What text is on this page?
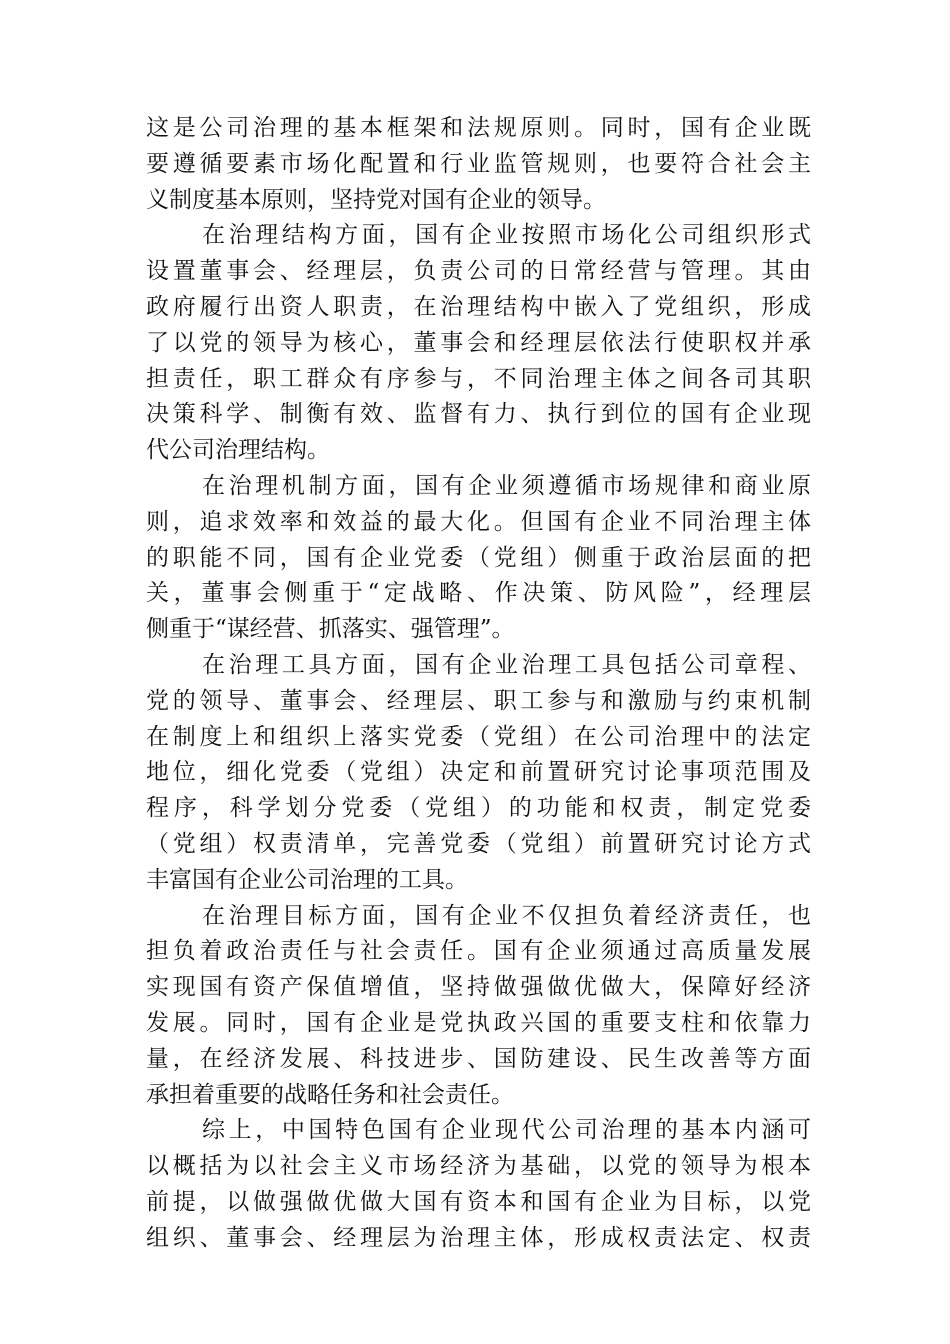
这是公司治理的基本框架和法规原则。同时，国有企业既
要遵循要素市场化配置和行业监管规则，也要符合社会主
义制度基本原则，坚持党对国有企业的领导。
在治理结构方面，国有企业按照市场化公司组织形式
设置董事会、经理层，负责公司的日常经营与管理。其由
政府履行出资人职责，在治理结构中嵌入了党组织，形成
了以党的领导为核心，董事会和经理层依法行使职权并承
担责任，职工群众有序参与，不同治理主体之间各司其职
决策科学、制衡有效、监督有力、执行到位的国有企业现
代公司治理结构。
在治理机制方面，国有企业须遵循市场规律和商业原
则，追求效率和效益的最大化。但国有企业不同治理主体
的职能不同，国有企业党委（党组）侧重于政治层面的把
关，董事会侧重于“定战略、作决策、防风险”，经理层
侧重于“谋经营、抓落实、强管理”。
在治理工具方面，国有企业治理工具包括公司章程、
党的领导、董事会、经理层、职工参与和激励与约束机制
在制度上和组织上落实党委（党组）在公司治理中的法定
地位，细化党委（党组）决定和前置研究讨论事项范围及
程序，科学划分党委（党组）的功能和权责，制定党委
（党组）权责清单，完善党委（党组）前置研究讨论方式
丰富国有企业公司治理的工具。
在治理目标方面，国有企业不仅担负着经济责任，也
担负着政治责任与社会责任。国有企业须通过高质量发展
实现国有资产保值增值，坚持做强做优做大，保障好经济
发展。同时，国有企业是党执政兴国的重要支柱和依靠力
量，在经济发展、科技进步、国防建设、民生改善等方面
承担着重要的战略任务和社会责任。
综上，中国特色国有企业现代公司治理的基本内涵可
以概括为以社会主义市场经济为基础，以党的领导为根本
前提，以做强做优做大国有资本和国有企业为目标，以党
组织、董事会、经理层为治理主体，形成权责法定、权责
